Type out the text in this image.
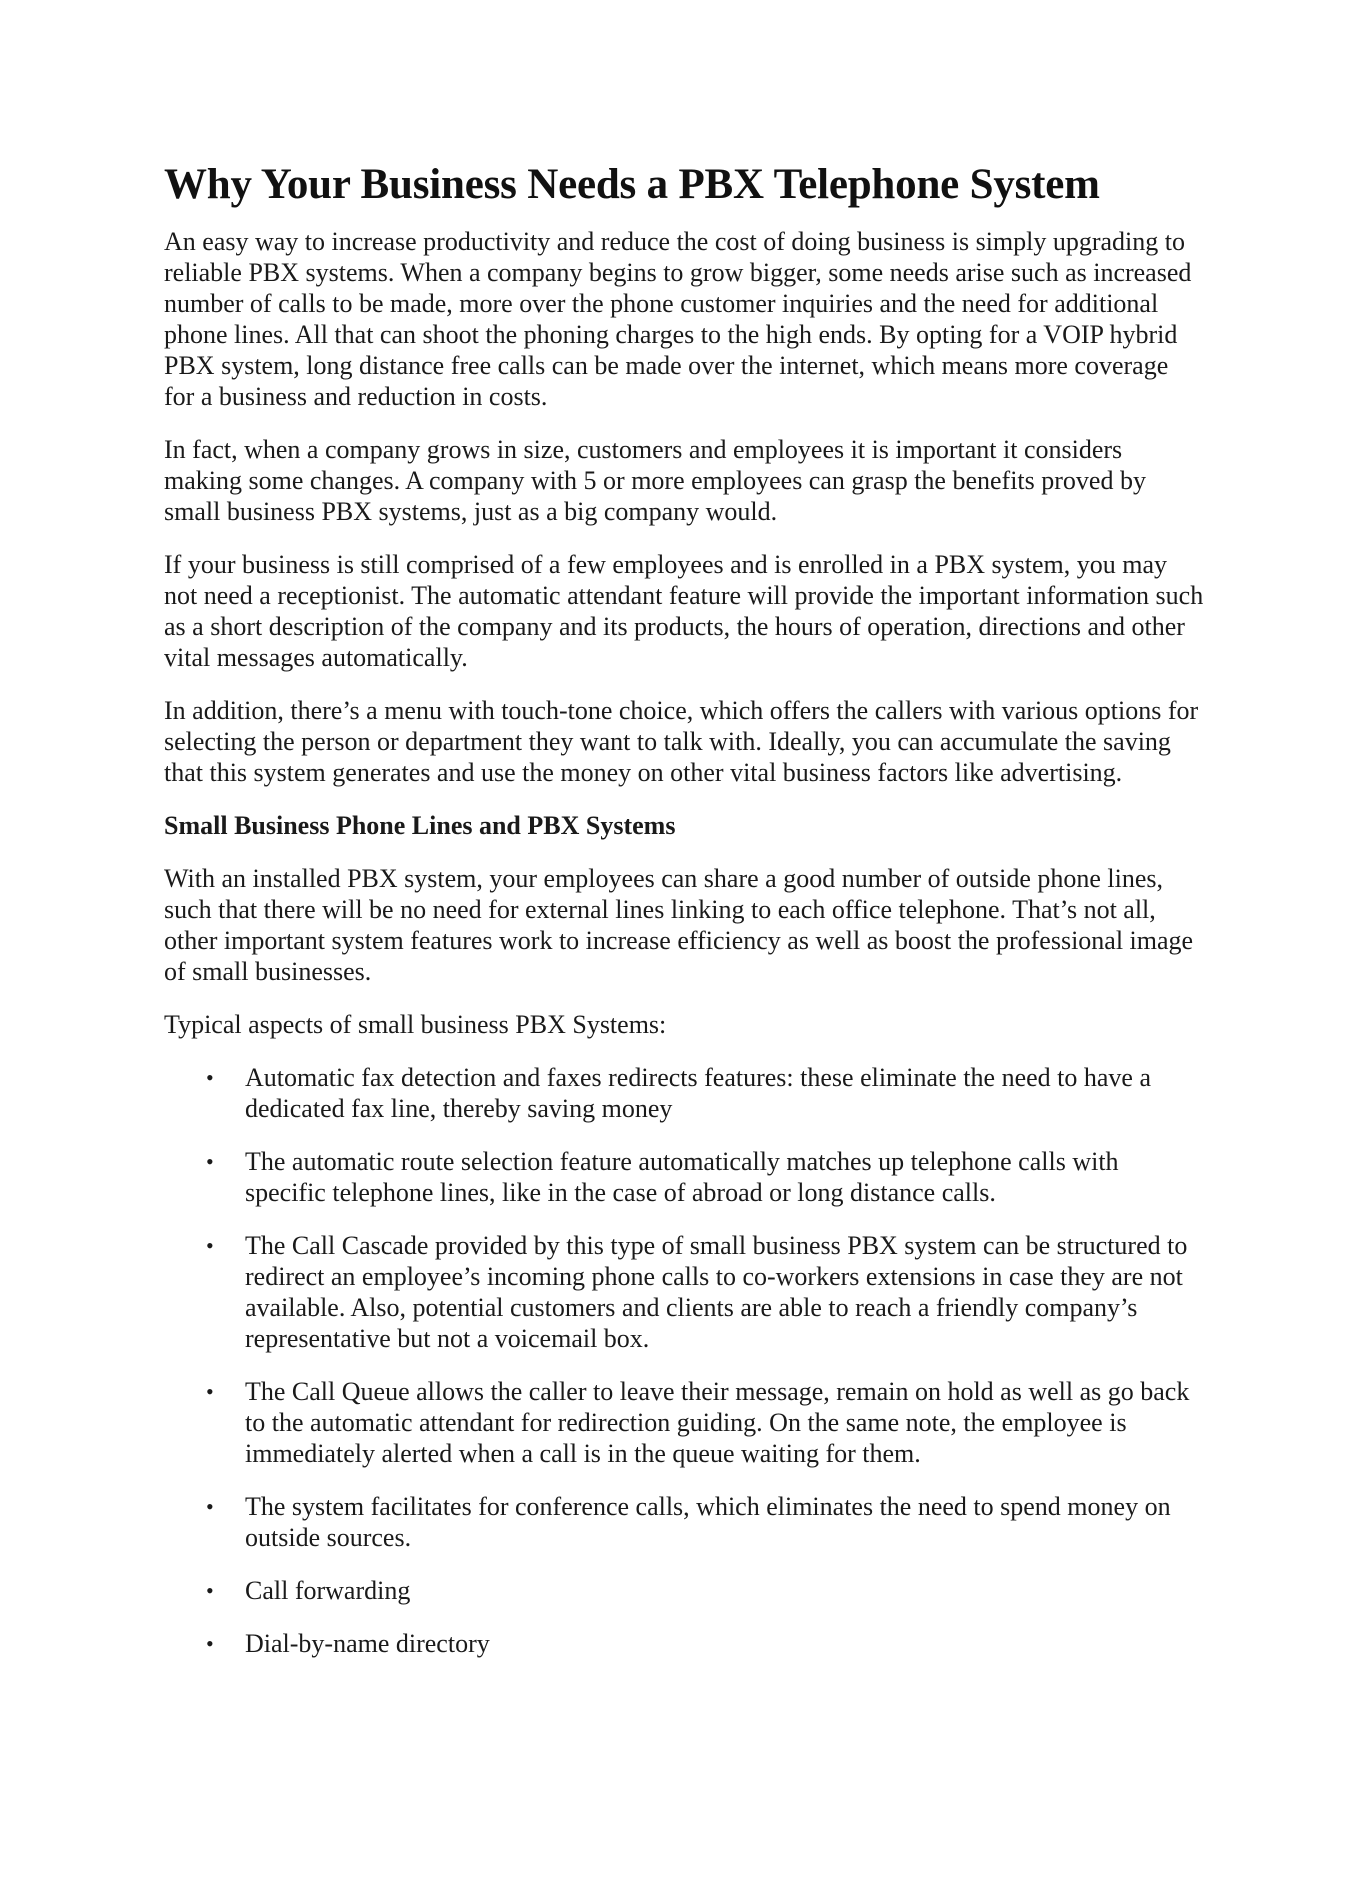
Why Your Business Needs a PBX Telephone System

An easy way to increase productivity and reduce the cost of doing business is simply upgrading to reliable PBX systems. When a company begins to grow bigger, some needs arise such as increased number of calls to be made, more over the phone customer inquiries and the need for additional phone lines. All that can shoot the phoning charges to the high ends. By opting for a VOIP hybrid PBX system, long distance free calls can be made over the internet, which means more coverage for a business and reduction in costs.

In fact, when a company grows in size, customers and employees it is important it considers making some changes. A company with 5 or more employees can grasp the benefits proved by small business PBX systems, just as a big company would.

If your business is still comprised of a few employees and is enrolled in a PBX system, you may not need a receptionist. The automatic attendant feature will provide the important information such as a short description of the company and its products, the hours of operation, directions and other vital messages automatically.

In addition, there’s a menu with touch-tone choice, which offers the callers with various options for selecting the person or department they want to talk with. Ideally, you can accumulate the saving that this system generates and use the money on other vital business factors like advertising.

Small Business Phone Lines and PBX Systems

With an installed PBX system, your employees can share a good number of outside phone lines, such that there will be no need for external lines linking to each office telephone. That’s not all, other important system features work to increase efficiency as well as boost the professional image of small businesses.

Typical aspects of small business PBX Systems:

• Automatic fax detection and faxes redirects features: these eliminate the need to have a dedicated fax line, thereby saving money
• The automatic route selection feature automatically matches up telephone calls with specific telephone lines, like in the case of abroad or long distance calls.
• The Call Cascade provided by this type of small business PBX system can be structured to redirect an employee’s incoming phone calls to co-workers extensions in case they are not available. Also, potential customers and clients are able to reach a friendly company’s representative but not a voicemail box.
• The Call Queue allows the caller to leave their message, remain on hold as well as go back to the automatic attendant for redirection guiding. On the same note, the employee is immediately alerted when a call is in the queue waiting for them.
• The system facilitates for conference calls, which eliminates the need to spend money on outside sources.
• Call forwarding
• Dial-by-name directory
